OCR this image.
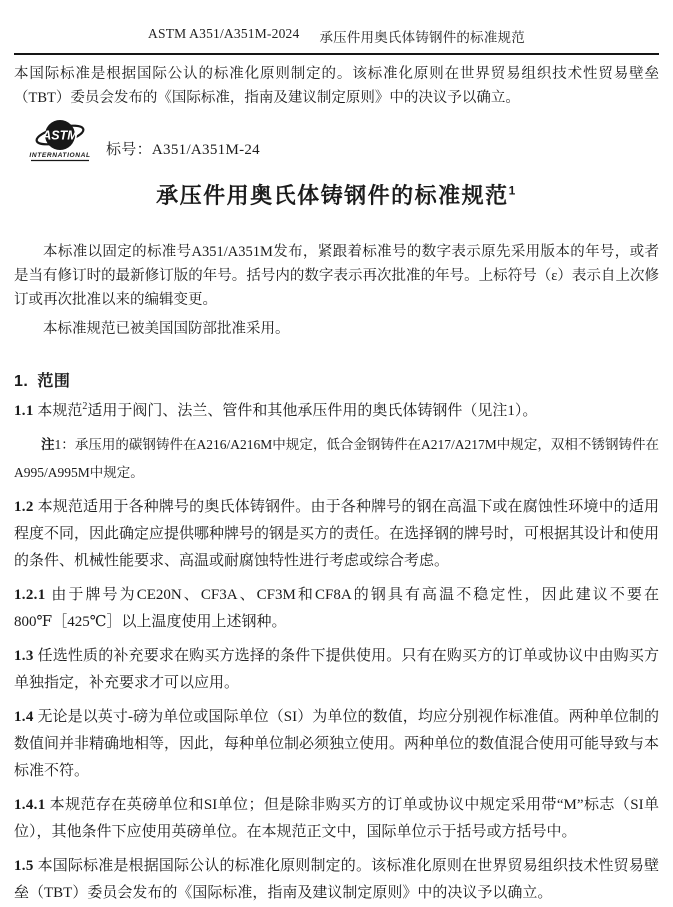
ASTM A351/A351M-2024 承压件用奥氏体铸钢件的标准规范

本国际标准是根据国际公认的标准化原则制定的。该标准化原则在世界贸易组织技术性贸易壁垒（TBT）委员会发布的《国际标准，指南及建议制定原则》中的决议予以确立。

ASTM
INTERNATIONAL 标号：A351/A351M-24
承压件用奥氏体铸钢件的标准规范$^1$

本标准以固定的标准号A351/A351M发布，紧跟着标准号的数字表示原先采用版本的年号，或者是当有修订时的最新修订版的年号。括号内的数字表示再次批准的年号。上标符号（ε）表示自上次修订或再次批准以来的编辑变更。

本标准规范已被美国国防部批准采用。

1. 范围

1.1 本规范$^2$适用于阀门、法兰、管件和其他承压件用的奥氏体铸钢件（见注1）。

注1：承压用的碳钢铸件在A216/A216M中规定，低合金钢铸件在A217/A217M中规定，双相不锈钢铸件在A995/A995M中规定。

1.2 本规范适用于各种牌号的奥氏体铸钢件。由于各种牌号的钢在高温下或在腐蚀性环境中的适用程度不同，因此确定应提供哪种牌号的钢是买方的责任。在选择钢的牌号时，可根据其设计和使用的条件、机械性能要求、高温或耐腐蚀特性进行考虑或综合考虑。

1.2.1 由于牌号为CE20N、CF3A、CF3M和CF8A的钢具有高温不稳定性，因此建议不要在800℉［425℃］以上温度使用上述钢种。

1.3 任选性质的补充要求在购买方选择的条件下提供使用。只有在购买方的订单或协议中由购买方单独指定，补充要求才可以应用。

1.4 无论是以英寸-磅为单位或国际单位（SI）为单位的数值，均应分别视作标准值。两种单位制的数值间并非精确地相等，因此，每种单位制必须独立使用。两种单位的数值混合使用可能导致与本标准不符。

1.4.1 本规范存在英磅单位和SI单位；但是除非购买方的订单或协议中规定采用带“M”标志（SI单位），其他条件下应使用英磅单位。在本规范正文中，国际单位示于括号或方括号中。

1.5 本国际标准是根据国际公认的标准化原则制定的。该标准化原则在世界贸易组织技术性贸易壁垒（TBT）委员会发布的《国际标准，指南及建议制定原则》中的决议予以确立。
